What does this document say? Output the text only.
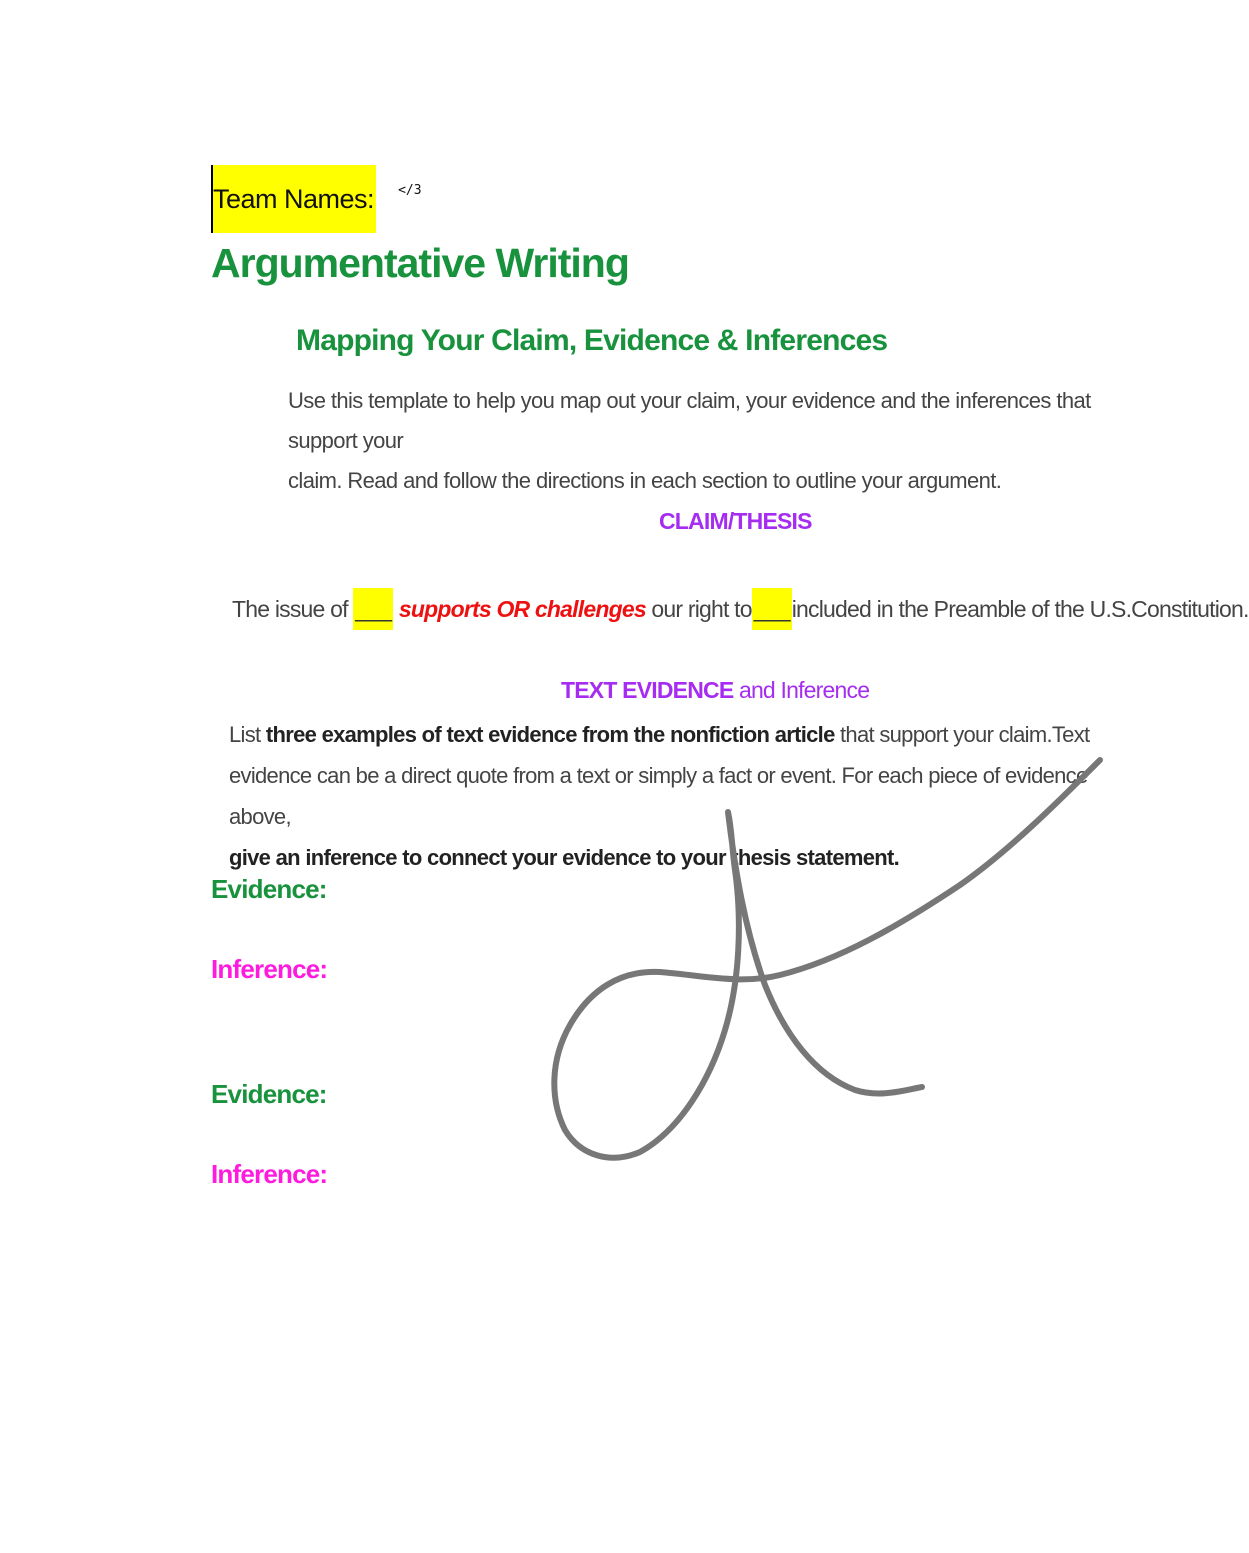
Team Names: </3
Argumentative Writing
Mapping Your Claim, Evidence & Inferences
Use this template to help you map out your claim, your evidence and the inferences that support your
claim. Read and follow the directions in each section to outline your argument.
CLAIM/THESIS
The issue of ___ supports OR challenges our right to___included in the Preamble of the U.S.Constitution.
TEXT EVIDENCE and Inference
List three examples of text evidence from the nonfiction article that support your claim.Text
evidence can be a direct quote from a text or simply a fact or event. For each piece of evidence above,
give an inference to connect your evidence to your thesis statement.
Evidence:
Inference:
Evidence:
Inference:
